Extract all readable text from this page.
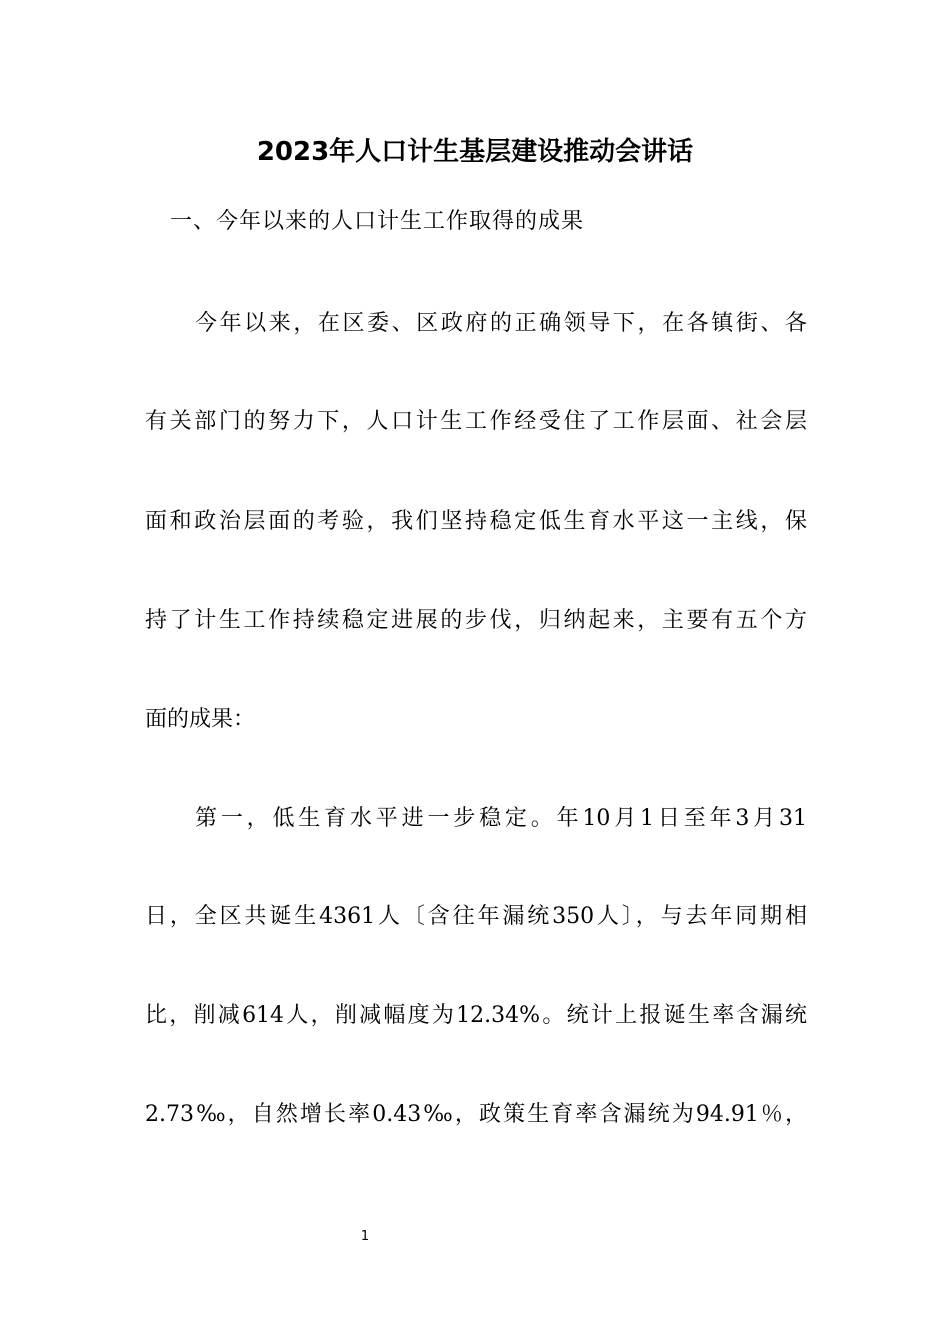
2023年人口计生基层建设推动会讲话

一、今年以来的人口计生工作取得的成果

今年以来，在区委、区政府的正确领导下，在各镇街、各

有关部门的努力下，人口计生工作经受住了工作层面、社会层

面和政治层面的考验，我们坚持稳定低生育水平这一主线，保

持了计生工作持续稳定进展的步伐，归纳起来，主要有五个方

面的成果：

第一，低生育水平进一步稳定。年10月1日至年3月31

日，全区共诞生4361人〔含往年漏统350人〕，与去年同期相

比，削减614人，削减幅度为12.34%。统计上报诞生率含漏统

2.73‰，自然增长率0.43‰，政策生育率含漏统为94.91％，

1
